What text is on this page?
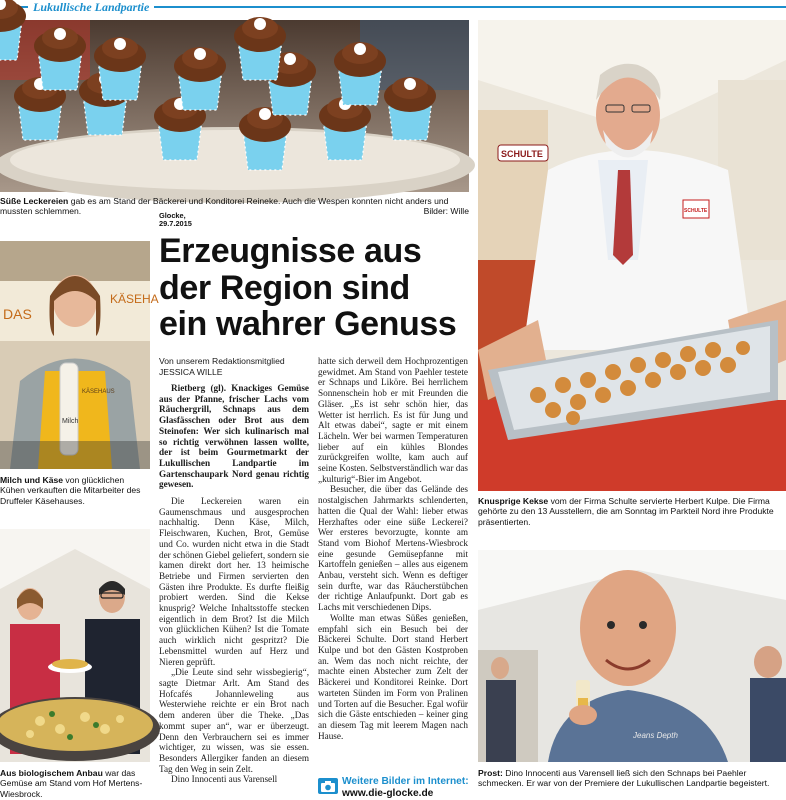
Lukullische Landpartie
Süße Leckereien gab es am Stand der Bäckerei und Konditorei Reineke. Auch die Wespen konnten nicht anders und mussten schlemmen.	Bilder: Wille
Glocke,
29.7.2015
DAS
KÄSEHA
Milch
KÄSEHAUS
Milch und Käse von glücklichen Kühen verkauften die Mitarbeiter des Druffeler Käsehauses.
Aus biologischem Anbau war das Gemüse am Stand vom Hof Mertens-Wiesbrock.
Erzeugnisse aus
der Region sind
ein wahrer Genuss
Von unserem Redaktionsmitglied
JESSICA WILLE

Rietberg (gl). Knackiges Gemüse aus der Pfanne, frischer Lachs vom Räuchergrill, Schnaps aus dem Glasfässchen oder Brot aus dem Steinofen: Wer sich kulinarisch mal so richtig verwöhnen lassen wollte, der ist beim Gourmetmarkt der Lukullischen Landpartie im Gartenschaupark Nord genau richtig gewesen.

Die Leckereien waren ein Gaumenschmaus und ausgesprochen nachhaltig. Denn Käse, Milch, Fleischwaren, Kuchen, Brot, Gemüse und Co. wurden nicht etwa in die Stadt der schönen Giebel geliefert, sondern sie kamen direkt dort her. 13 heimische Betriebe und Firmen servierten den Gästen ihre Produkte. Es durfte fleißig probiert werden. Sind die Kekse knusprig? Welche Inhaltsstoffe stecken eigentlich in dem Brot? Ist die Milch von glücklichen Kühen? Ist die Tomate auch wirklich nicht gespritzt? Die Lebensmittel wurden auf Herz und Nieren geprüft.

„Die Leute sind sehr wissbegierig“, sagte Dietmar Arlt. Am Stand des Hofcafés Johannleweling aus Westerwiehe reichte er ein Brot nach dem anderen über die Theke. „Das kommt super an“, war er überzeugt. Denn den Verbrauchern sei es immer wichtiger, zu wissen, was sie essen. Besonders Allergiker fanden an diesem Tag den Weg in sein Zelt.

Dino Innocenti aus Varensell

hatte sich derweil dem Hochprozentigen gewidmet. Am Stand von Paehler testete er Schnaps und Liköre. Bei herrlichem Sonnenschein hob er mit Freunden die Gläser. „Es ist sehr schön hier, das Wetter ist herrlich. Es ist für Jung und Alt etwas dabei“, sagte er mit einem Lächeln. Wer bei warmen Temperaturen lieber auf ein kühles Blondes zurückgreifen wollte, kam auch auf seine Kosten. Selbstverständlich war das „kulturig“-Bier im Angebot.

Besucher, die über das Gelände des nostalgischen Jahrmarkts schlenderten, hatten die Qual der Wahl: lieber etwas Herzhaftes oder eine süße Leckerei? Wer ersteres bevorzugte, konnte am Stand vom Biohof Mertens-Wiesbrock eine gesunde Gemüsepfanne mit Kartoffeln genießen – alles aus eigenem Anbau, versteht sich. Wenn es deftiger sein durfte, war das Räucherstübchen der richtige Anlaufpunkt. Dort gab es Lachs mit verschiedenen Dips.

Wollte man etwas Süßes genießen, empfahl sich ein Besuch bei der Bäckerei Schulte. Dort stand Herbert Kulpe und bot den Gästen Kostproben an. Wem das noch nicht reichte, der machte einen Abstecher zum Zelt der Bäckerei und Konditorei Reinke. Dort warteten Sünden im Form von Pralinen und Torten auf die Besucher. Egal wofür sich die Gäste entschieden – keiner ging an diesem Tag mit leerem Magen nach Hause.

Weitere Bilder im Internet:
www.die-glocke.de
SCHULTE
SCHULTE
Knusprige Kekse vom der Firma Schulte servierte Herbert Kulpe. Die Firma gehörte zu den 13 Ausstellern, die am Sonntag im Parkteil Nord ihre Produkte präsentierten.
Jeans Depth
Prost: Dino Innocenti aus Varensell ließ sich den Schnaps bei Paehler schmecken. Er war von der Premiere der Lukullischen Landpartie begeistert.
